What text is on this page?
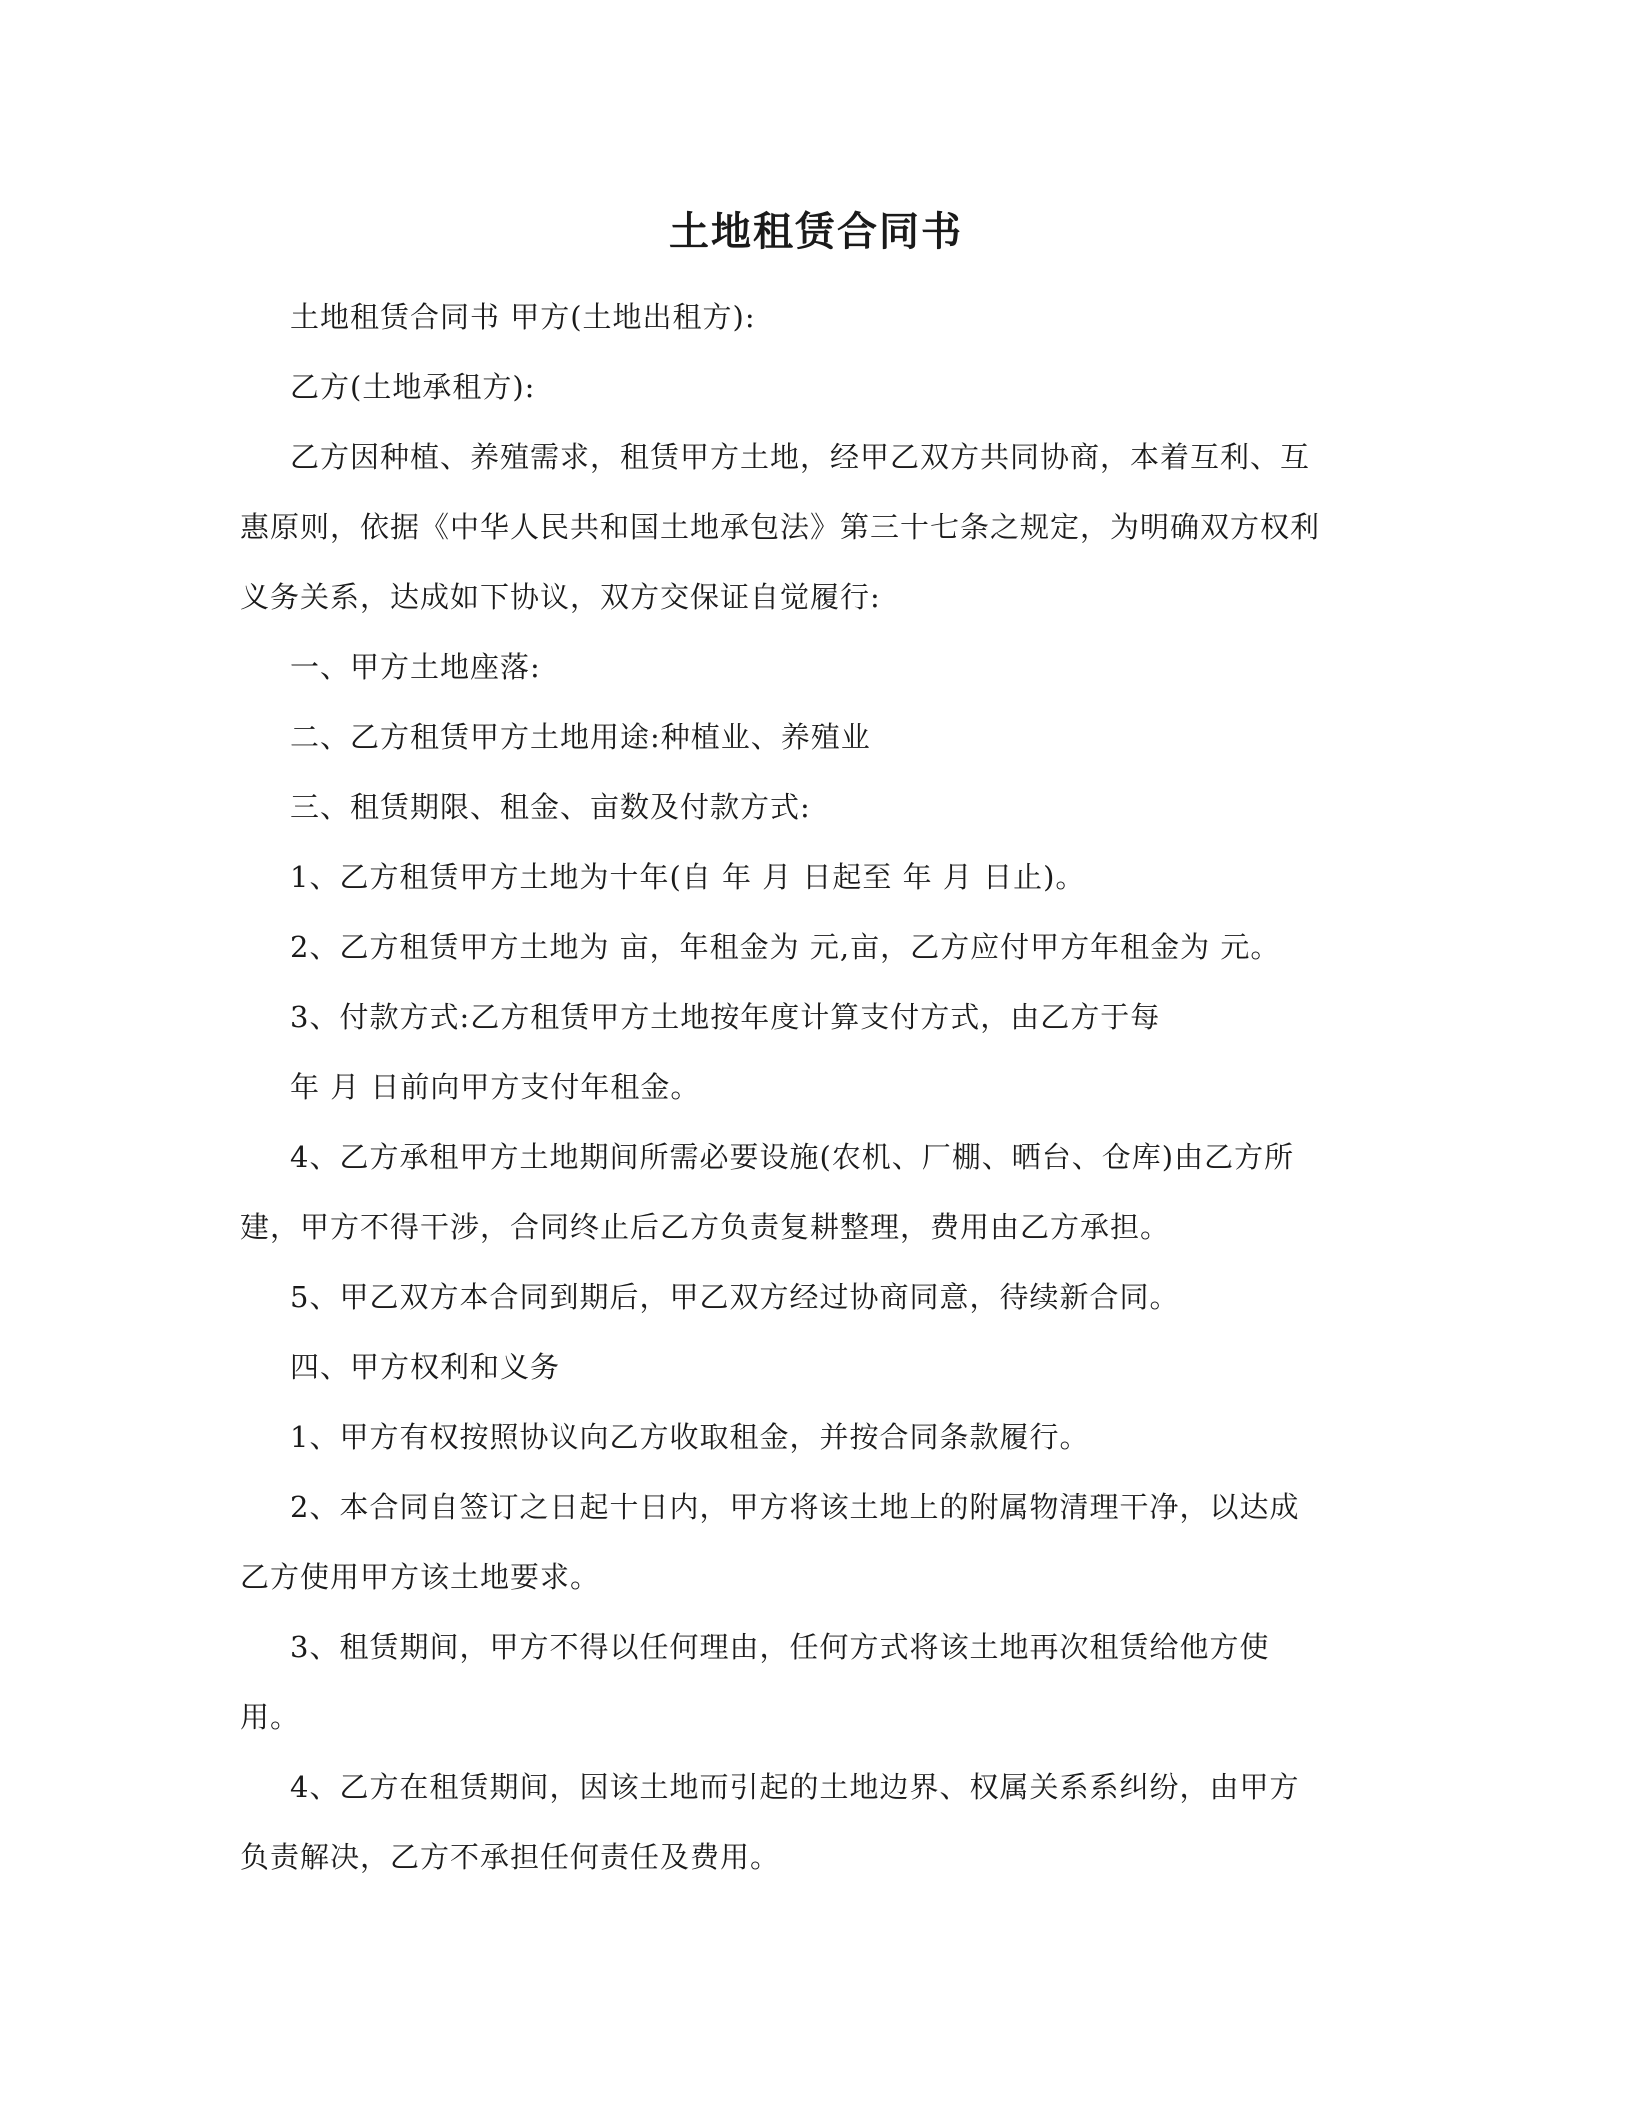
土地租赁合同书
土地租赁合同书 甲方(土地出租方):
乙方(土地承租方):
乙方因种植、养殖需求，租赁甲方土地，经甲乙双方共同协商，本着互利、互
惠原则，依据《中华人民共和国土地承包法》第三十七条之规定，为明确双方权利
义务关系，达成如下协议，双方交保证自觉履行:
一、甲方土地座落:
二、乙方租赁甲方土地用途:种植业、养殖业
三、租赁期限、租金、亩数及付款方式:
1、乙方租赁甲方土地为十年(自 年 月 日起至 年 月 日止)。
2、乙方租赁甲方土地为 亩，年租金为 元,亩，乙方应付甲方年租金为 元。
3、付款方式:乙方租赁甲方土地按年度计算支付方式，由乙方于每
年 月 日前向甲方支付年租金。
4、乙方承租甲方土地期间所需必要设施(农机、厂棚、晒台、仓库)由乙方所
建，甲方不得干涉，合同终止后乙方负责复耕整理，费用由乙方承担。
5、甲乙双方本合同到期后，甲乙双方经过协商同意，待续新合同。
四、甲方权利和义务
1、甲方有权按照协议向乙方收取租金，并按合同条款履行。
2、本合同自签订之日起十日内，甲方将该土地上的附属物清理干净，以达成
乙方使用甲方该土地要求。
3、租赁期间，甲方不得以任何理由，任何方式将该土地再次租赁给他方使
用。
4、乙方在租赁期间，因该土地而引起的土地边界、权属关系系纠纷，由甲方
负责解决，乙方不承担任何责任及费用。
